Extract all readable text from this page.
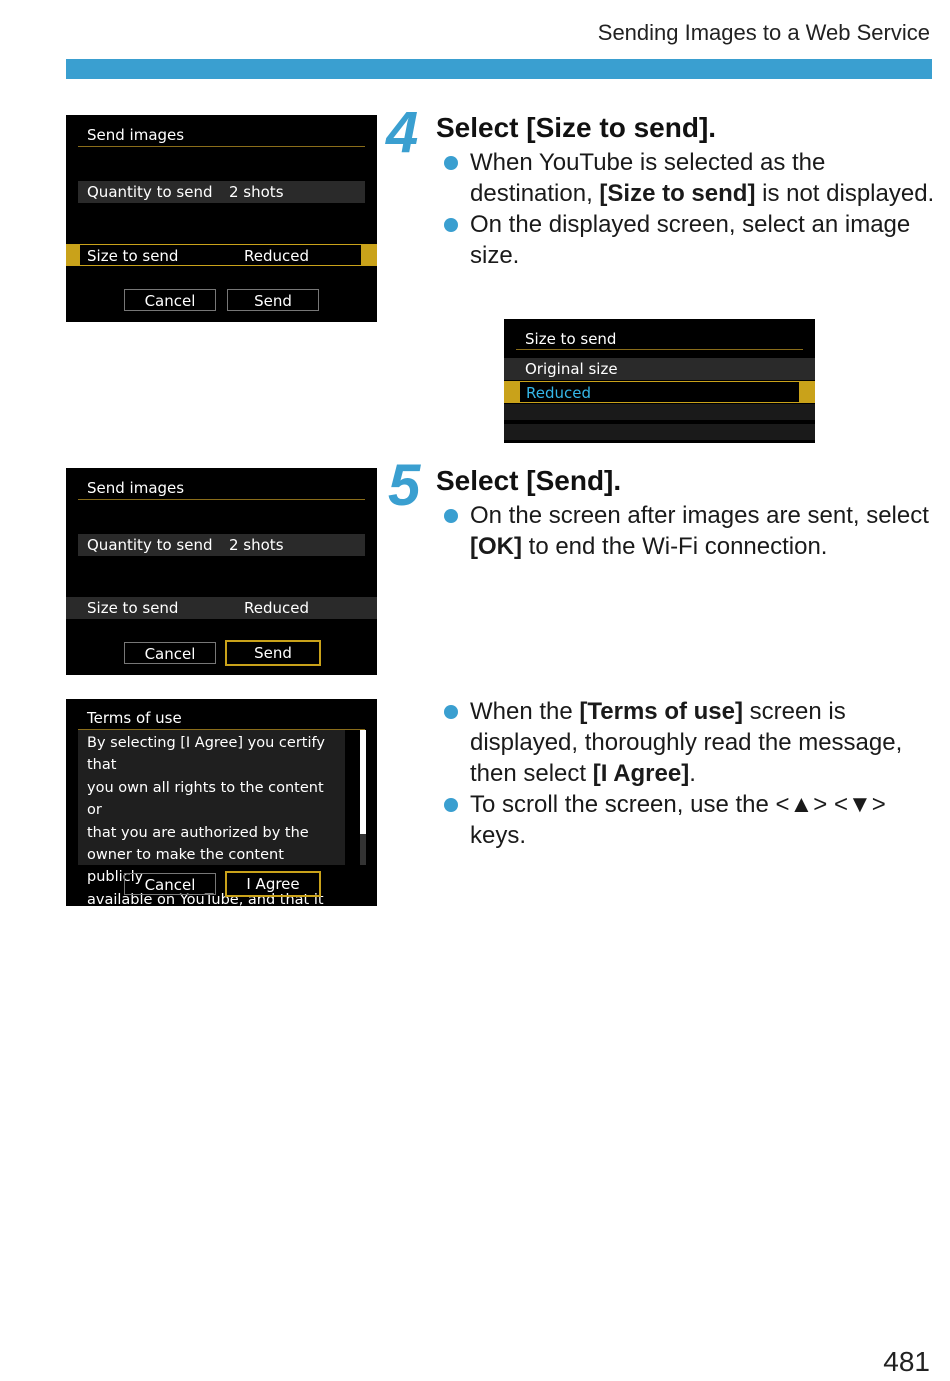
Sending Images to a Web Service
Send images
Quantity to send 2 shots
Size to send	Reduced
Cancel	Send
4 Select [Size to send].

When YouTube is selected as the destination, [Size to send] is not displayed.

On the displayed screen, select an image size.

Size to send
Original size
Reduced
Send images
Quantity to send 2 shots
Size to send	Reduced
Cancel	Send
5 Select [Send].

On the screen after images are sent, select [OK] to end the Wi-Fi connection.

Terms of use
By selecting [I Agree] you certify that
you own all rights to the content or
that you are authorized by the
owner to make the content publicly
available on YouTube, and that it
otherwise complies with the
Cancel	I Agree

When the [Terms of use] screen is displayed, thoroughly read the message, then select [I Agree].

To scroll the screen, use the <▲> <▼> keys.

481
